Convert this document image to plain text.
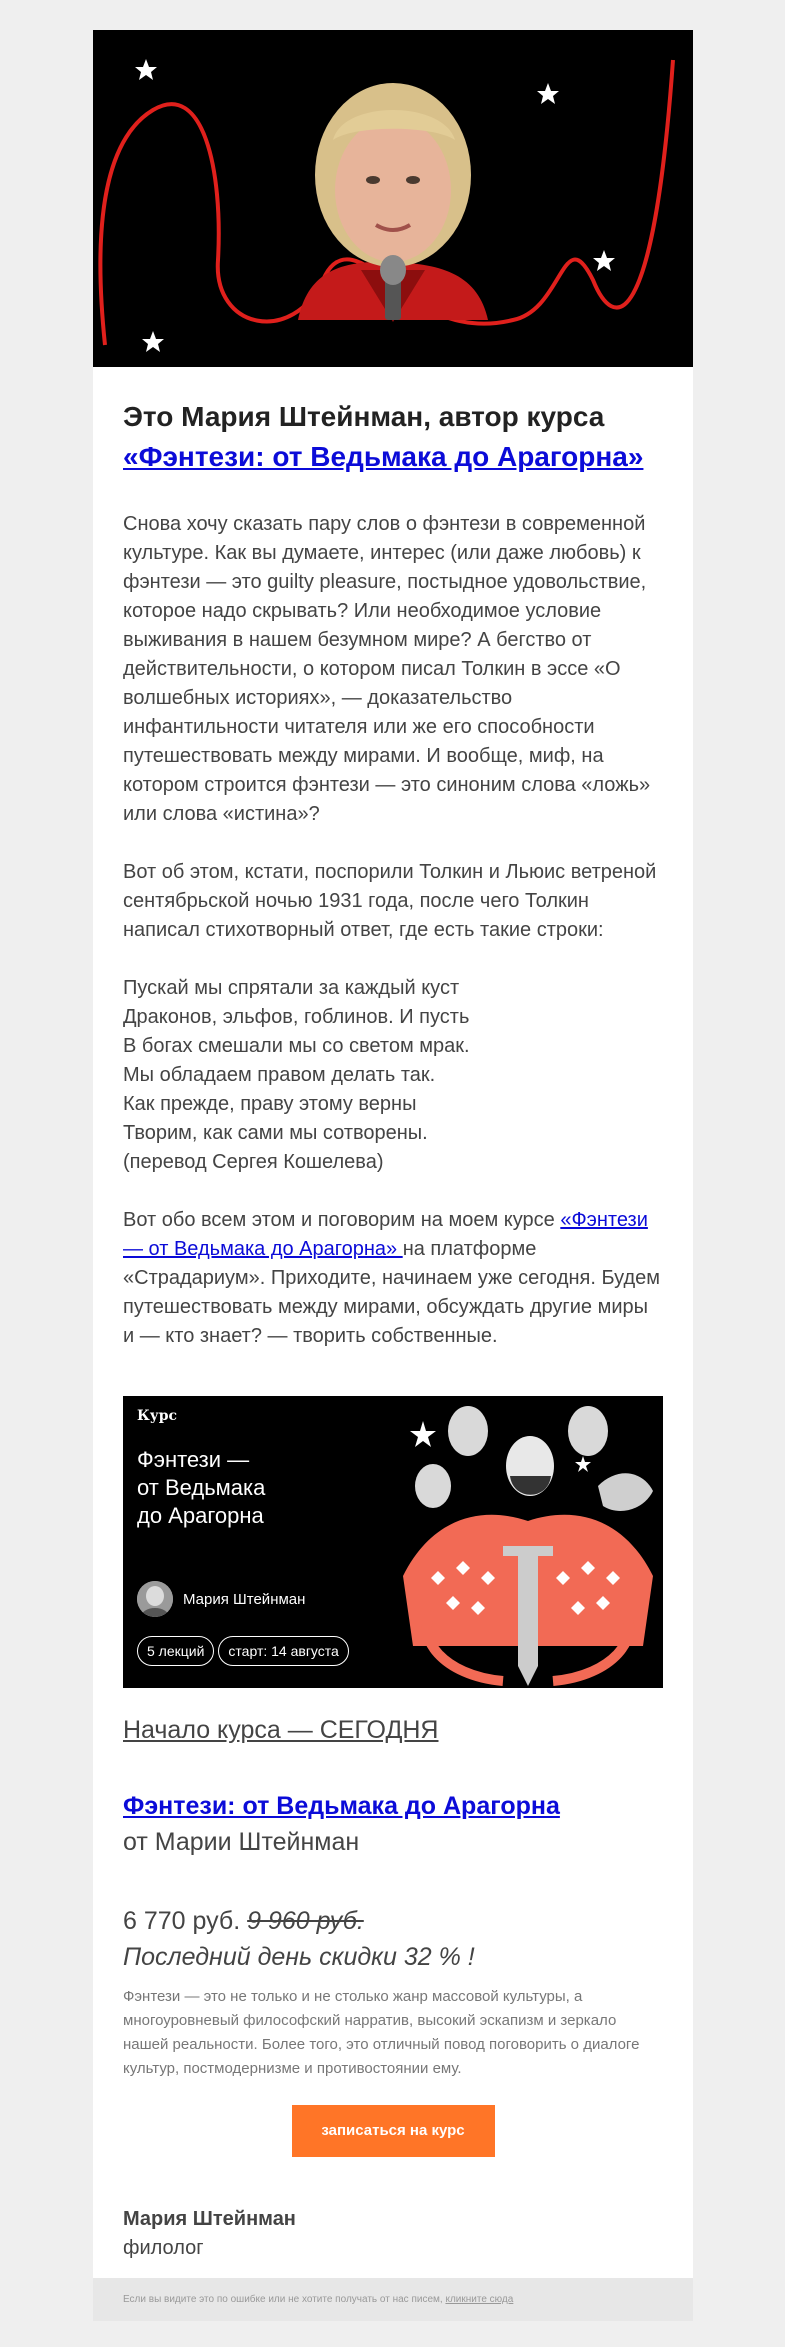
Это Мария Штейнман, автор курса
«Фэнтези: от Ведьмака до Арагорна»

Снова хочу сказать пару слов о фэнтези в современной культуре. Как вы думаете, интерес (или даже любовь) к фэнтези — это guilty pleasure, постыдное удовольствие, которое надо скрывать? Или необходимое условие выживания в нашем безумном мире? А бегство от действительности, о котором писал Толкин в эссе «О волшебных историях», — доказательство инфантильности читателя или же его способности путешествовать между мирами. И вообще, миф, на котором строится фэнтези — это синоним слова «ложь» или слова «истина»?

Вот об этом, кстати, поспорили Толкин и Льюис ветреной сентябрьской ночью 1931 года, после чего Толкин написал стихотворный ответ, где есть такие строки:

Пускай мы спрятали за каждый куст
Драконов, эльфов, гоблинов. И пусть
В богах смешали мы со светом мрак.
Мы обладаем правом делать так.
Как прежде, праву этому верны
Творим, как сами мы сотворены.
(перевод Сергея Кошелева)

Вот обо всем этом и поговорим на моем курсе «Фэнтези — от Ведьмака до Арагорна» на платформе «Страдариум». Приходите, начинаем уже сегодня. Будем путешествовать между мирами, обсуждать другие миры и — кто знает? — творить собственные.

Курс
Фэнтези —
от Ведьмака
до Арагорна
Мария Штейнман
5 лекций	старт: 14 августа
Начало курса — СЕГОДНЯ
Фэнтези: от Ведьмака до Арагорна
от Марии Штейнман
6 770 руб. 9 960 руб.
Последний день скидки 32 % !
Фэнтези — это не только и не столько жанр массовой культуры, а многоуровневый философский нарратив, высокий эскапизм и зеркало нашей реальности. Более того, это отличный повод поговорить о диалоге культур, постмодернизме и противостоянии ему.
записаться на курс
Мария Штейнман
филолог
Если вы видите это по ошибке или не хотите получать от нас писем, кликните сюда
